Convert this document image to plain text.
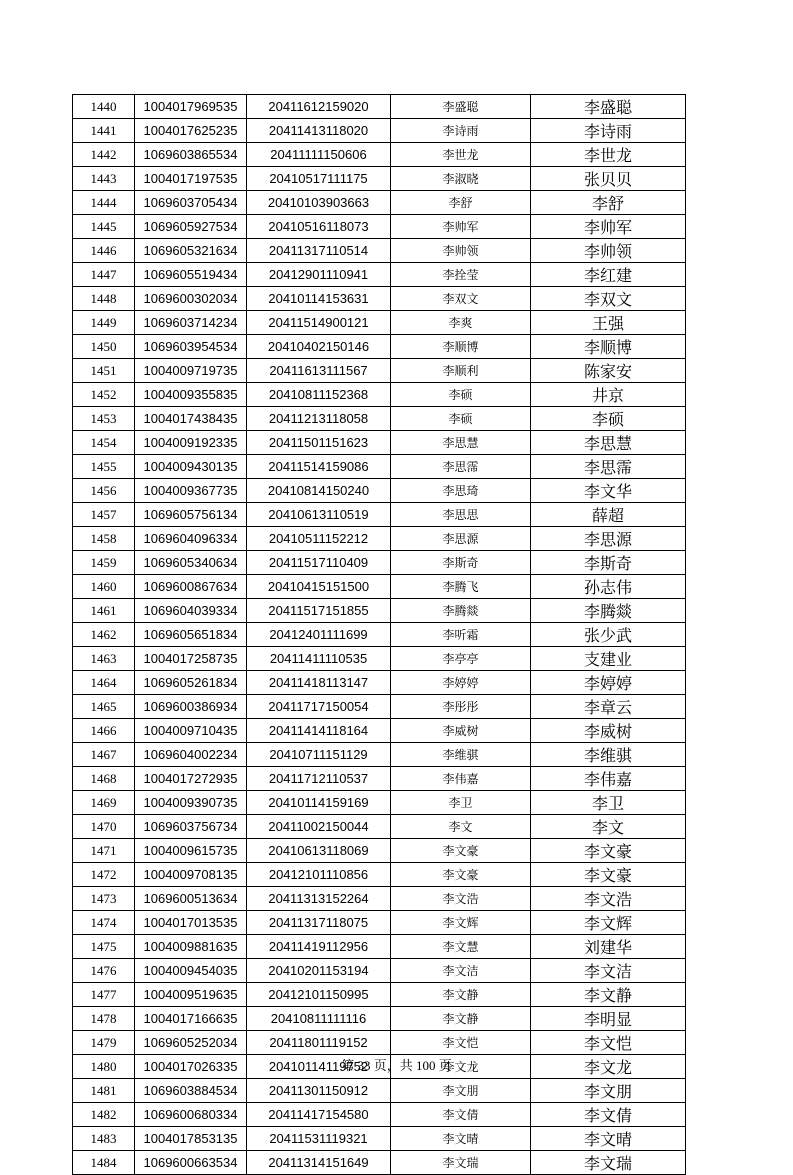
1440	1004017969535	20411612159020	李盛聪	李盛聪
1441	1004017625235	20411413118020	李诗雨	李诗雨
1442	1069603865534	20411111150606	李世龙	李世龙
1443	1004017197535	20410517111175	李淑晓	张贝贝
1444	1069603705434	20410103903663	李舒	李舒
1445	1069605927534	20410516118073	李帅军	李帅军
1446	1069605321634	20411317110514	李帅领	李帅领
1447	1069605519434	20412901110941	李拴莹	李红建
1448	1069600302034	20410114153631	李双文	李双文
1449	1069603714234	20411514900121	李爽	王强
1450	1069603954534	20410402150146	李顺博	李顺博
1451	1004009719735	20411613111567	李顺利	陈家安
1452	1004009355835	20410811152368	李硕	井京
1453	1004017438435	20411213118058	李硕	李硕
1454	1004009192335	20411501151623	李思慧	李思慧
1455	1004009430135	20411514159086	李思霈	李思霈
1456	1004009367735	20410814150240	李思琦	李文华
1457	1069605756134	20410613110519	李思思	薛超
1458	1069604096334	20410511152212	李思源	李思源
1459	1069605340634	20411517110409	李斯奇	李斯奇
1460	1069600867634	20410415151500	李腾飞	孙志伟
1461	1069604039334	20411517151855	李腾燚	李腾燚
1462	1069605651834	20412401111699	李听霜	张少武
1463	1004017258735	20411411110535	李亭亭	支建业
1464	1069605261834	20411418113147	李婷婷	李婷婷
1465	1069600386934	20411717150054	李彤彤	李章云
1466	1004009710435	20411414118164	李威树	李威树
1467	1069604002234	20410711151129	李维骐	李维骐
1468	1004017272935	20411712110537	李伟嘉	李伟嘉
1469	1004009390735	20410114159169	李卫	李卫
1470	1069603756734	20411002150044	李文	李文
1471	1004009615735	20410613118069	李文豪	李文豪
1472	1004009708135	20412101110856	李文豪	李文豪
1473	1069600513634	20411313152264	李文浩	李文浩
1474	1004017013535	20411317118075	李文辉	李文辉
1475	1004009881635	20411419112956	李文慧	刘建华
1476	1004009454035	20410201153194	李文洁	李文洁
1477	1004009519635	20412101150995	李文静	李文静
1478	1004017166635	20410811111116	李文静	李明显
1479	1069605252034	20411801119152	李文恺	李文恺
1480	1004017026335	20410114119752	李文龙	李文龙
1481	1069603884534	20411301150912	李文朋	李文朋
1482	1069600680334	20411417154580	李文倩	李文倩
1483	1004017853135	20411531119321	李文晴	李文晴
1484	1069600663534	20411314151649	李文瑞	李文瑞
第 33 页，共 100 页
